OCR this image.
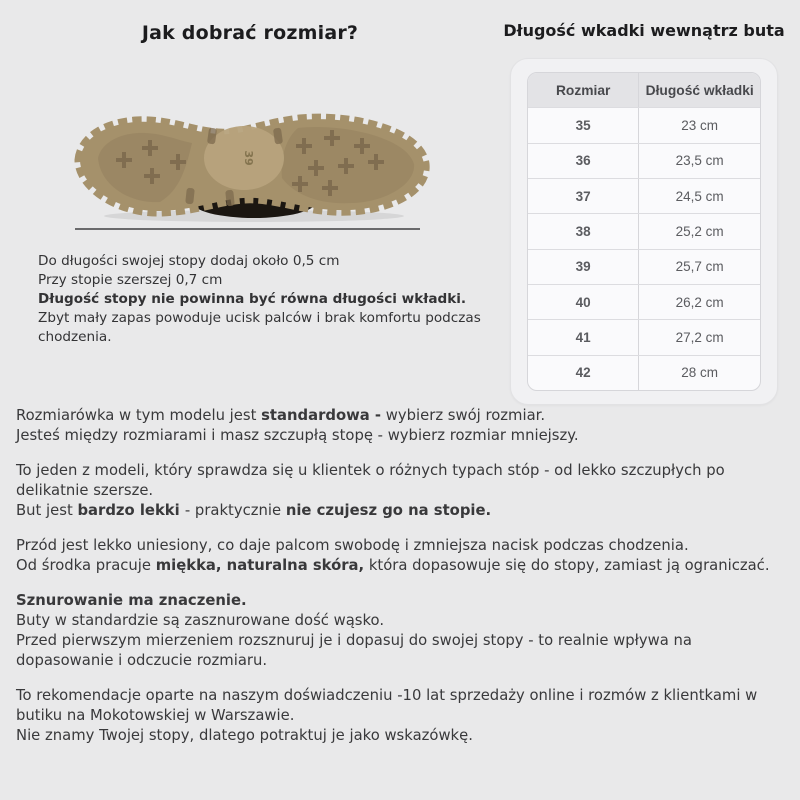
Jak dobrać rozmiar?
39
Do długości swojej stopy dodaj około 0,5 cm
Przy stopie szerszej 0,7 cm
Długość stopy nie powinna być równa długości wkładki.
Zbyt mały zapas powoduje ucisk palców i brak komfortu podczas chodzenia.
Długość wkadki wewnątrz buta
Rozmiar	Długość wkładki
35	23 cm
36	23,5 cm
37	24,5 cm
38	25,2 cm
39	25,7 cm
40	26,2 cm
41	27,2 cm
42	28 cm
Rozmiarówka w tym modelu jest standardowa - wybierz swój rozmiar.
Jesteś między rozmiarami i masz szczupłą stopę - wybierz rozmiar mniejszy.
To jeden z modeli, który sprawdza się u klientek o różnych typach stóp - od lekko szczupłych po delikatnie szersze.
But jest bardzo lekki - praktycznie nie czujesz go na stopie.
Przód jest lekko uniesiony, co daje palcom swobodę i zmniejsza nacisk podczas chodzenia.
Od środka pracuje miękka, naturalna skóra, która dopasowuje się do stopy, zamiast ją ograniczać.
Sznurowanie ma znaczenie.
Buty w standardzie są zasznurowane dość wąsko.
Przed pierwszym mierzeniem rozsznuruj je i dopasuj do swojej stopy - to realnie wpływa na dopasowanie i odczucie rozmiaru.
To rekomendacje oparte na naszym doświadczeniu -10 lat sprzedaży online i rozmów z klientkami w butiku na Mokotowskiej w Warszawie.
Nie znamy Twojej stopy, dlatego potraktuj je jako wskazówkę.
